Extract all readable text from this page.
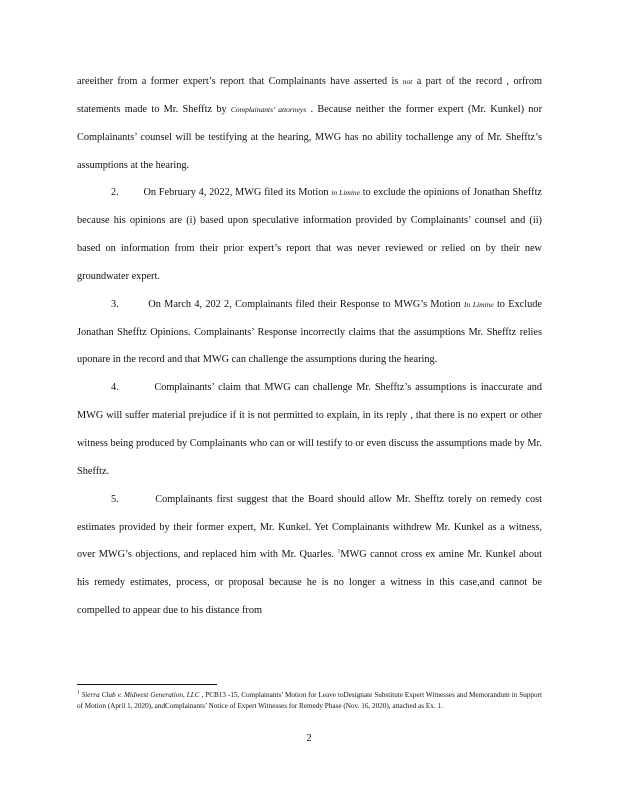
areeither from a former expert’s report that Complainants have asserted is not a part of the record , orfrom statements made to Mr. Shefftz by Complainants’ attorneys . Because neither the former expert (Mr. Kunkel) nor Complainants’ counsel will be testifying at the hearing, MWG has no ability tochallenge any of Mr. Shefftz’s assumptions at the hearing.

2. On February 4, 2022, MWG filed its Motion in Limine to exclude the opinions of Jonathan Shefftz because his opinions are (i) based upon speculative information provided by Complainants’ counsel and (ii) based on information from their prior expert’s report that was never reviewed or relied on by their new groundwater expert.

3.	On March 4, 202 2, Complainants filed their Response to MWG’s Motion In Limine to Exclude Jonathan Shefftz Opinions. Complainants’ Response incorrectly claims that the assumptions Mr. Shefftz relies uponare in the record and that MWG can challenge the assumptions during the hearing.

4.	Complainants’ claim that MWG can challenge Mr. Shefftz’s assumptions is inaccurate and MWG will suffer material prejudice if it is not permitted to explain, in its reply , that there is no expert or other witness being produced by Complainants who can or will testify to or even discuss the assumptions made by Mr. Shefftz.

5.	Complainants first suggest that the Board should allow Mr. Shefftz torely on remedy cost estimates provided by their former expert, Mr. Kunkel. Yet Complainants withdrew Mr. Kunkel as a witness, over MWG’s objections, and replaced him with Mr. Quarles. $^1$MWG cannot cross ex amine Mr. Kunkel about his remedy estimates, process, or proposal because he is no longer a witness in this case,and cannot be compelled to appear due to his distance from

$^1$ Sierra Club v. Midwest Generation, LLC , PCB13 -15, Complainants’ Motion for Leave toDesignate Substitute Expert Witnesses and Memorandum in Support of Motion (April 1, 2020), andComplainants’ Notice of Expert Witnesses for Remedy Phase (Nov. 16, 2020), attached as Ex. 1.
2
